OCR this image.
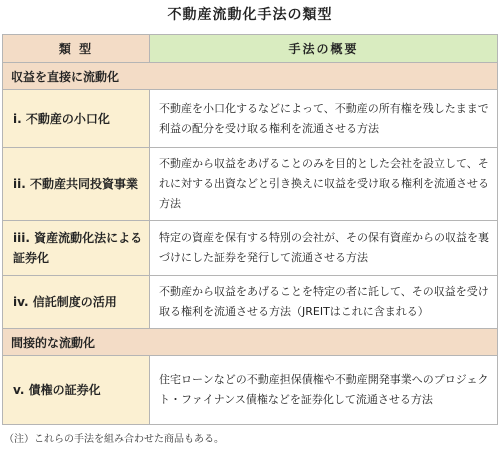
不動産流動化手法の類型
類 型	手法の概要
収益を直接に流動化	
i. 不動産の小口化	不動産を小口化するなどによって、不動産の所有権を残したままで利益の配分を受け取る権利を流通させる方法
ii. 不動産共同投資事業	不動産から収益をあげることのみを目的とした会社を設立して、それに対する出資などと引き換えに収益を受け取る権利を流通させる方法
iii. 資産流動化法による証券化	特定の資産を保有する特別の会社が、その保有資産からの収益を裏づけにした証券を発行して流通させる方法
iv. 信託制度の活用	不動産から収益をあげることを特定の者に託して、その収益を受け取る権利を流通させる方法（JREITはこれに含まれる）
間接的な流動化	
v. 債権の証券化	住宅ローンなどの不動産担保債権や不動産開発事業へのプロジェクト・ファイナンス債権などを証券化して流通させる方法
（注）これらの手法を組み合わせた商品もある。
